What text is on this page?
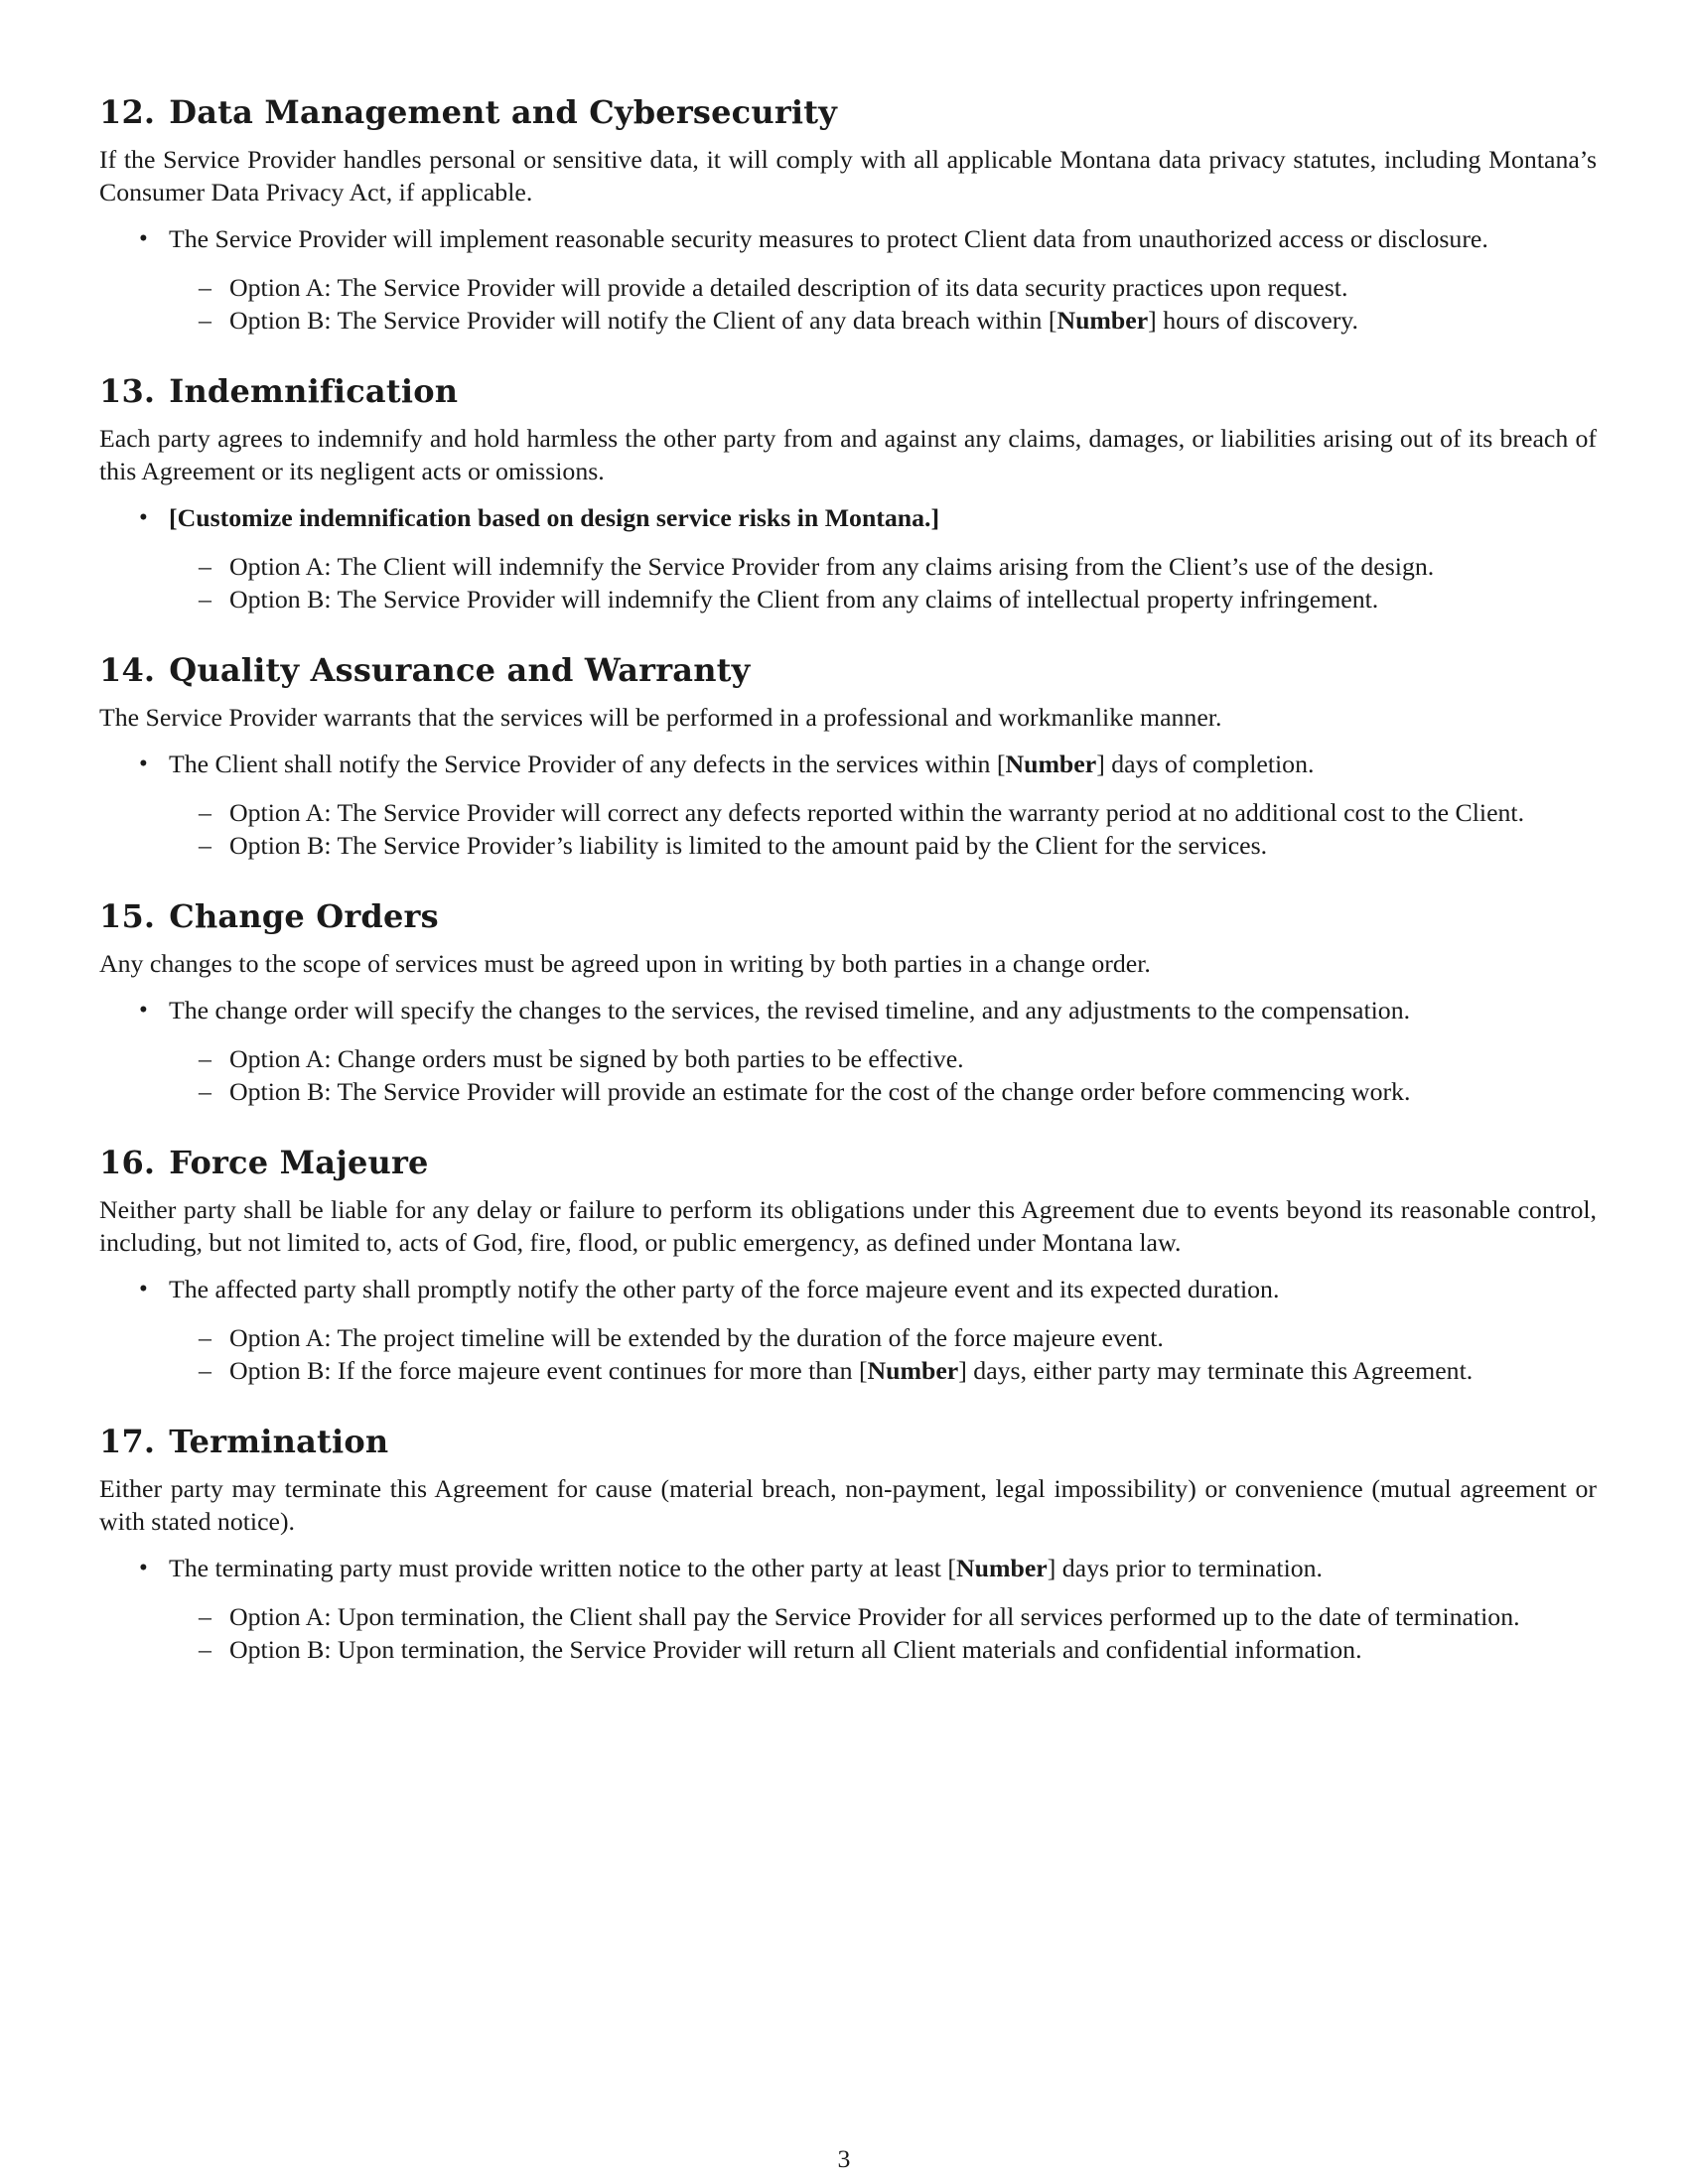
12. Data Management and Cybersecurity

If the Service Provider handles personal or sensitive data, it will comply with all applicable Montana data privacy statutes, including Montana’s Consumer Data Privacy Act, if applicable.

• The Service Provider will implement reasonable security measures to protect Client data from unauthorized access or disclosure.
– Option A: The Service Provider will provide a detailed description of its data security practices upon request.
– Option B: The Service Provider will notify the Client of any data breach within [Number] hours of discovery.
13. Indemnification

Each party agrees to indemnify and hold harmless the other party from and against any claims, damages, or liabilities arising out of its breach of this Agreement or its negligent acts or omissions.

• [Customize indemnification based on design service risks in Montana.]
– Option A: The Client will indemnify the Service Provider from any claims arising from the Client’s use of the design.
– Option B: The Service Provider will indemnify the Client from any claims of intellectual property infringement.
14. Quality Assurance and Warranty

The Service Provider warrants that the services will be performed in a professional and workmanlike manner.

• The Client shall notify the Service Provider of any defects in the services within [Number] days of completion.
– Option A: The Service Provider will correct any defects reported within the warranty period at no additional cost to the Client.
– Option B: The Service Provider’s liability is limited to the amount paid by the Client for the services.
15. Change Orders

Any changes to the scope of services must be agreed upon in writing by both parties in a change order.

• The change order will specify the changes to the services, the revised timeline, and any adjustments to the compensation.
– Option A: Change orders must be signed by both parties to be effective.
– Option B: The Service Provider will provide an estimate for the cost of the change order before commencing work.
16. Force Majeure

Neither party shall be liable for any delay or failure to perform its obligations under this Agreement due to events beyond its reasonable control, including, but not limited to, acts of God, fire, flood, or public emergency, as defined under Montana law.

• The affected party shall promptly notify the other party of the force majeure event and its expected duration.
– Option A: The project timeline will be extended by the duration of the force majeure event.
– Option B: If the force majeure event continues for more than [Number] days, either party may terminate this Agreement.
17. Termination

Either party may terminate this Agreement for cause (material breach, non-payment, legal impossibility) or convenience (mutual agreement or with stated notice).

• The terminating party must provide written notice to the other party at least [Number] days prior to termination.
– Option A: Upon termination, the Client shall pay the Service Provider for all services performed up to the date of termination.
– Option B: Upon termination, the Service Provider will return all Client materials and confidential information.
3
